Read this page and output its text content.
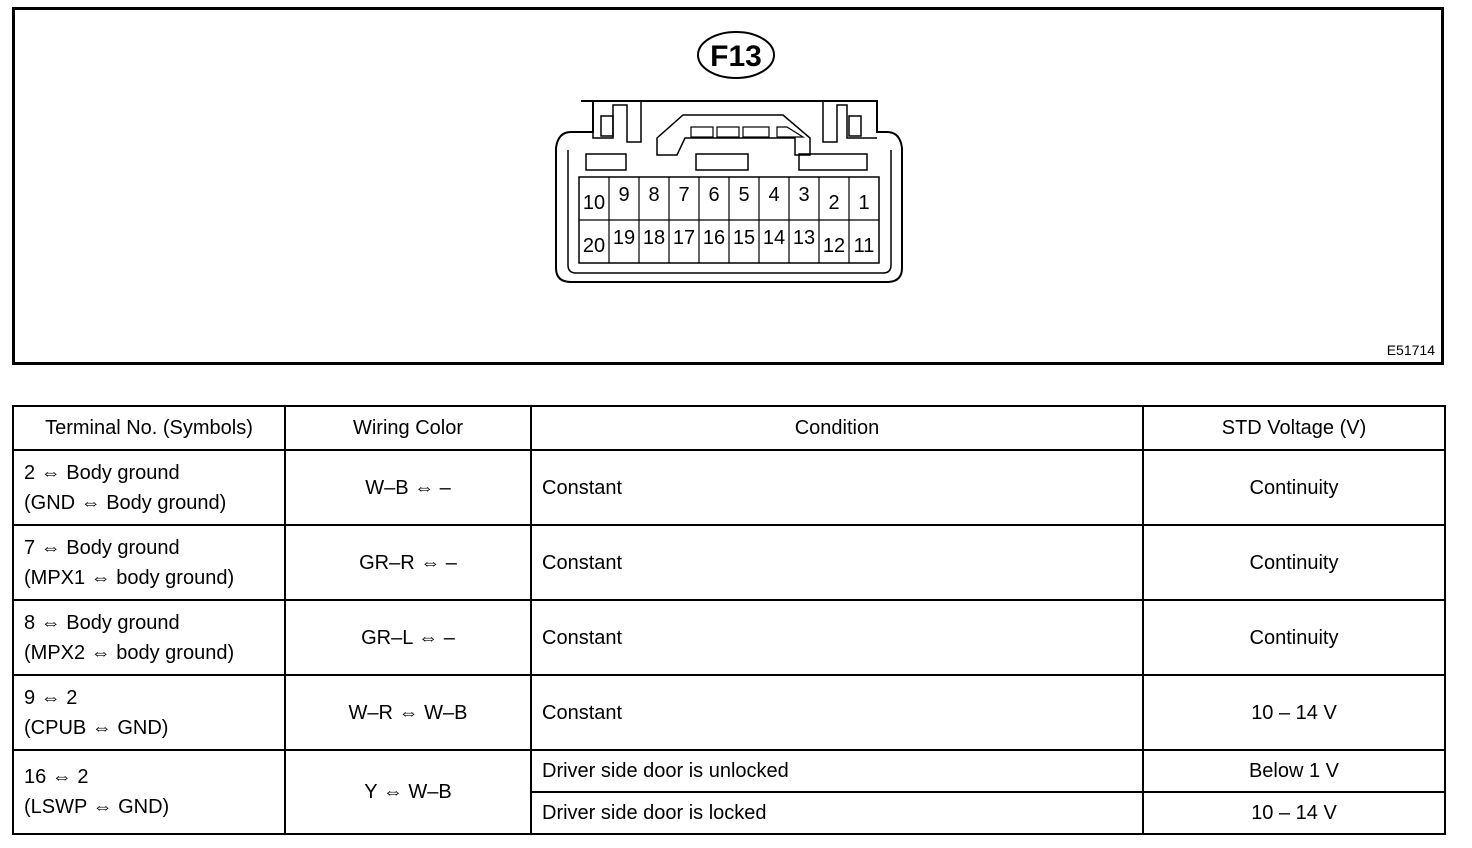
F13
10
20
9
19
8
18
7
17
6
16
5
15
4
14
3
13
2
12
1
11
E51714
Terminal No. (Symbols)	Wiring Color	Condition	STD Voltage (V)

2 ⇔ Body ground
(GND ⇔ Body ground)	W–B ⇔ –	Constant	Continuity

7 ⇔ Body ground
(MPX1 ⇔ body ground)	GR–R ⇔ –	Constant	Continuity

8 ⇔ Body ground
(MPX2 ⇔ body ground)	GR–L ⇔ –	Constant	Continuity

9 ⇔ 2
(CPUB ⇔ GND)	W–R ⇔ W–B	Constant	10 – 14 V

16 ⇔ 2
(LSWP ⇔ GND)	Y ⇔ W–B	Driver side door is unlocked	Below 1 V
		Driver side door is locked	10 – 14 V
